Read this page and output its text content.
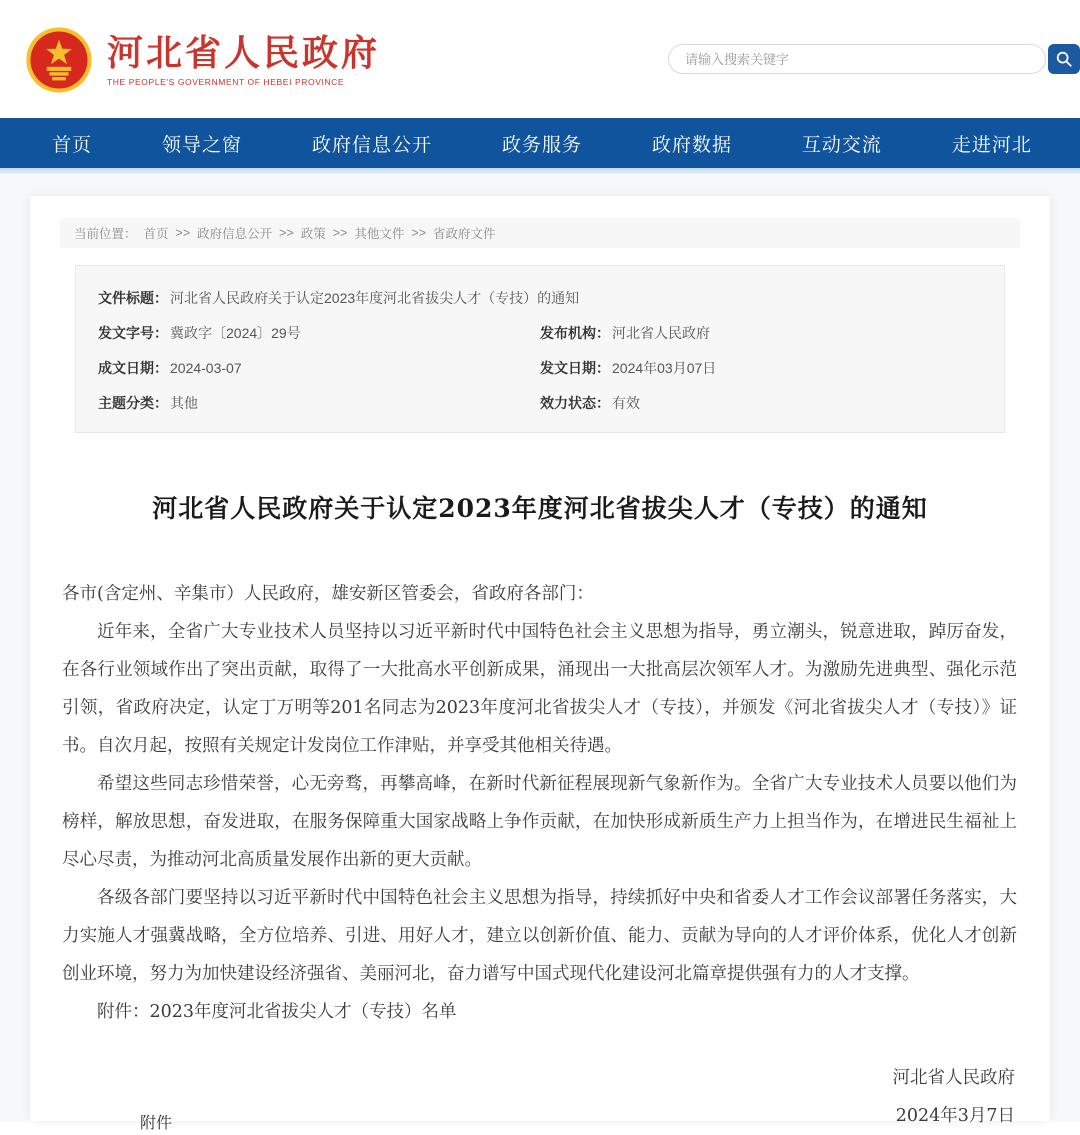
河北省人民政府
THE PEOPLE'S GOVERNMENT OF HEBEI PROVINCE
请输入搜索关键字
首页	领导之窗	政府信息公开	政务服务	政府数据	互动交流	走进河北
当前位置： 首页 >> 政府信息公开 >> 政策 >> 其他文件 >> 省政府文件
文件标题： 河北省人民政府关于认定2023年度河北省拔尖人才（专技）的通知
发文字号： 冀政字〔2024〕29号	发布机构： 河北省人民政府
成文日期： 2024-03-07	发文日期： 2024年03月07日
主题分类： 其他	效力状态： 有效
河北省人民政府关于认定2023年度河北省拔尖人才（专技）的通知

各市(含定州、辛集市）人民政府，雄安新区管委会，省政府各部门：

近年来，全省广大专业技术人员坚持以习近平新时代中国特色社会主义思想为指导，勇立潮头，锐意进取，踔厉奋发，在各行业领域作出了突出贡献，取得了一大批高水平创新成果，涌现出一大批高层次领军人才。为激励先进典型、强化示范引领，省政府决定，认定丁万明等201名同志为2023年度河北省拔尖人才（专技），并颁发《河北省拔尖人才（专技）》证书。自次月起，按照有关规定计发岗位工作津贴，并享受其他相关待遇。

希望这些同志珍惜荣誉，心无旁骛，再攀高峰，在新时代新征程展现新气象新作为。全省广大专业技术人员要以他们为榜样，解放思想，奋发进取，在服务保障重大国家战略上争作贡献，在加快形成新质生产力上担当作为，在增进民生福祉上尽心尽责，为推动河北高质量发展作出新的更大贡献。

各级各部门要坚持以习近平新时代中国特色社会主义思想为指导，持续抓好中央和省委人才工作会议部署任务落实，大力实施人才强冀战略，全方位培养、引进、用好人才，建立以创新价值、能力、贡献为导向的人才评价体系，优化人才创新创业环境，努力为加快建设经济强省、美丽河北，奋力谱写中国式现代化建设河北篇章提供强有力的人才支撑。

附件：2023年度河北省拔尖人才（专技）名单

河北省人民政府
2024年3月7日
附件
